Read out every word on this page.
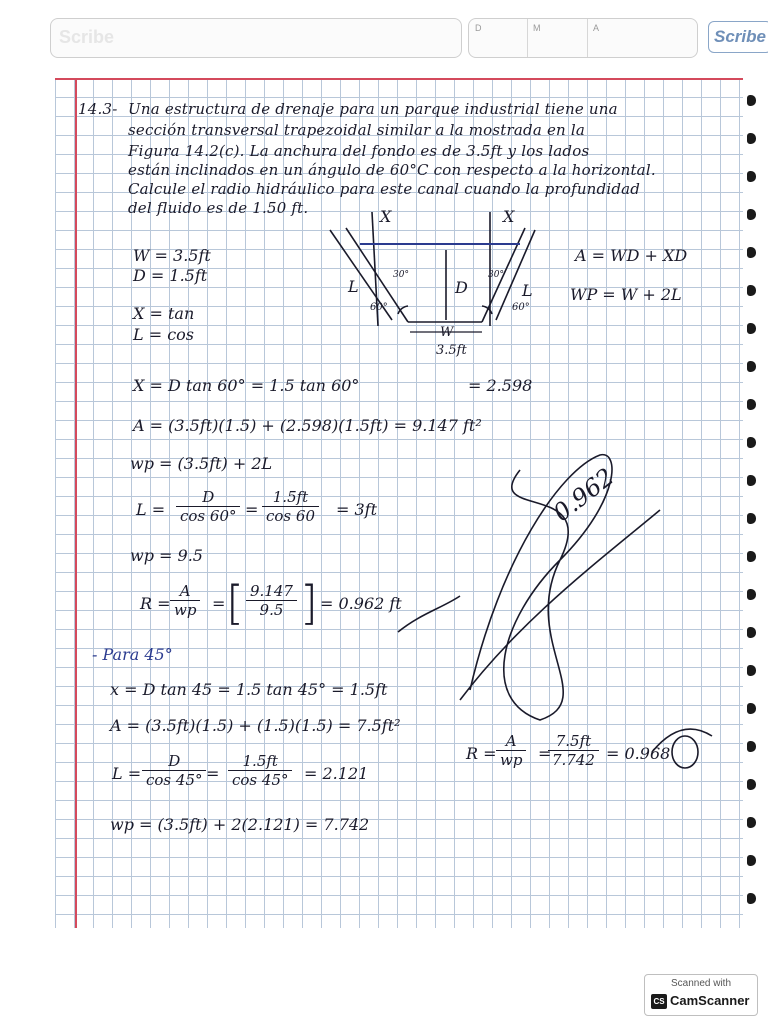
Scribe	D	M	A	Scribe
14.3- Una estructura de drenaje para un parque industrial tiene una
sección transversal trapezoidal similar a la mostrada en la
Figura 14.2(c). La anchura del fondo es de 3.5ft y los lados
están inclinados en un ángulo de 60°C con respecto a la horizontal.
Calcule el radio hidráulico para este canal cuando la profundidad
del fluido es de 1.50 ft.
W = 3.5ft
D = 1.5ft
X = tan
L = cos
A = WD + XD
WP = W + 2L
X	X
L	L
D
W
3.5ft
60°	60°
30°	30°
X = D tan 60° = 1.5 tan 60°	= 2.598
A = (3.5ft)(1.5) + (2.598)(1.5ft) = 9.147 ft²
wp = (3.5ft) + 2L
$L = \frac{D}{\cos 60^\circ} = \frac{1.5ft}{\cos 60} = 3ft$
wp = 9.5
$R = \frac{A}{wp}$ = [ $\frac{9.147}{9.5}$ ] = 0.962 ft
- Para 45°
x = D tan 45 = 1.5 tan 45° = 1.5ft
A = (3.5ft)(1.5) + (1.5)(1.5) = 7.5ft²
$L = \frac{D}{\cos 45^\circ} = \frac{1.5ft}{\cos 45^\circ} = 2.121$
wp = (3.5ft) + 2(2.121) = 7.742
$R = \frac{A}{wp}$ =
$\frac{7.5ft}{7.742} = 0.968$
0.962
Scanned with
CS CamScanner
